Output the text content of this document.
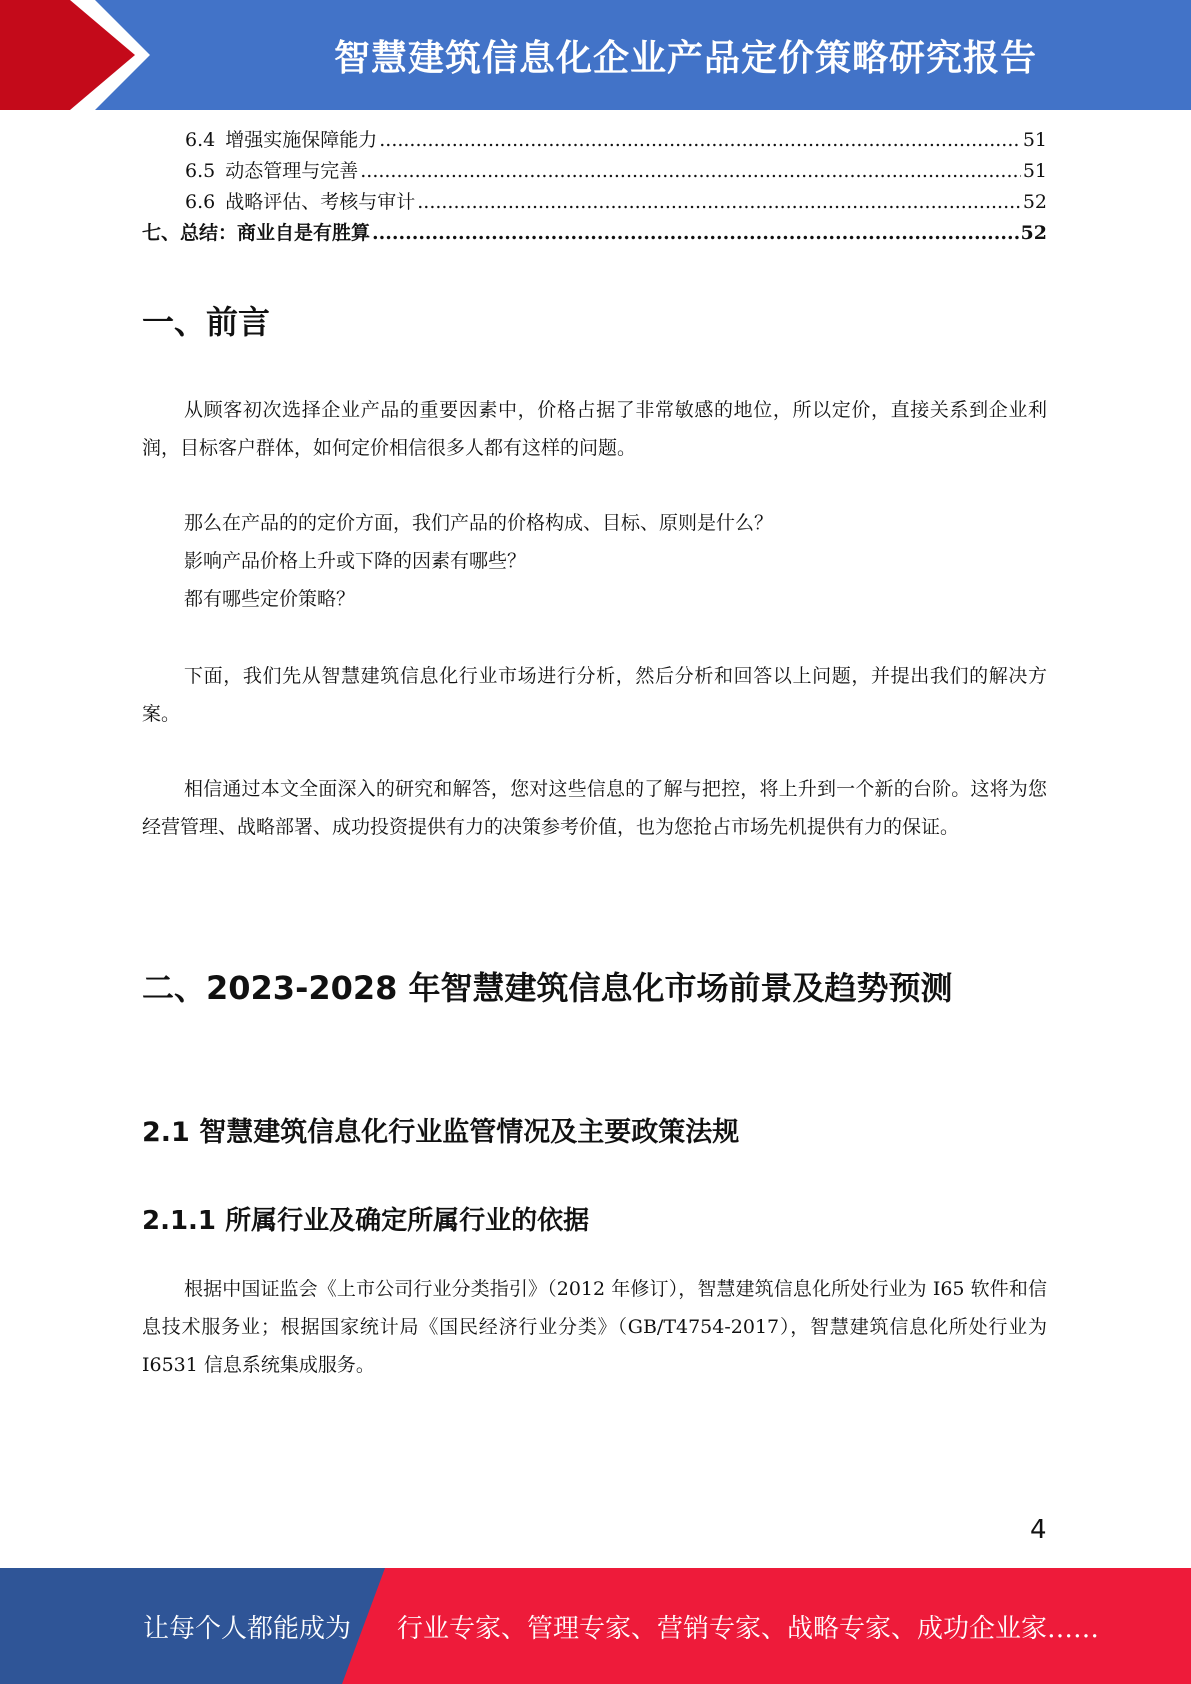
智慧建筑信息化企业产品定价策略研究报告
6.4 增强实施保障能力 .....	51
6.5 动态管理与完善 .....	51
6.6 战略评估、考核与审计 .....	52
七、总结：商业自是有胜算 .....	52
一、前言

从顾客初次选择企业产品的重要因素中，价格占据了非常敏感的地位，所以定价，直接关系到企业利润，目标客户群体，如何定价相信很多人都有这样的问题。

那么在产品的的定价方面，我们产品的价格构成、目标、原则是什么？

影响产品价格上升或下降的因素有哪些？

都有哪些定价策略？

下面，我们先从智慧建筑信息化行业市场进行分析，然后分析和回答以上问题，并提出我们的解决方案。

相信通过本文全面深入的研究和解答，您对这些信息的了解与把控，将上升到一个新的台阶。这将为您经营管理、战略部署、成功投资提供有力的决策参考价值，也为您抢占市场先机提供有力的保证。

二、2023-2028 年智慧建筑信息化市场前景及趋势预测
2.1 智慧建筑信息化行业监管情况及主要政策法规
2.1.1 所属行业及确定所属行业的依据

根据中国证监会《上市公司行业分类指引》（2012 年修订），智慧建筑信息化所处行业为 I65 软件和信息技术服务业；根据国家统计局《国民经济行业分类》（GB/T4754-2017），智慧建筑信息化所处行业为 I6531 信息系统集成服务。

4
让每个人都能成为 行业专家、管理专家、营销专家、战略专家、成功企业家……
